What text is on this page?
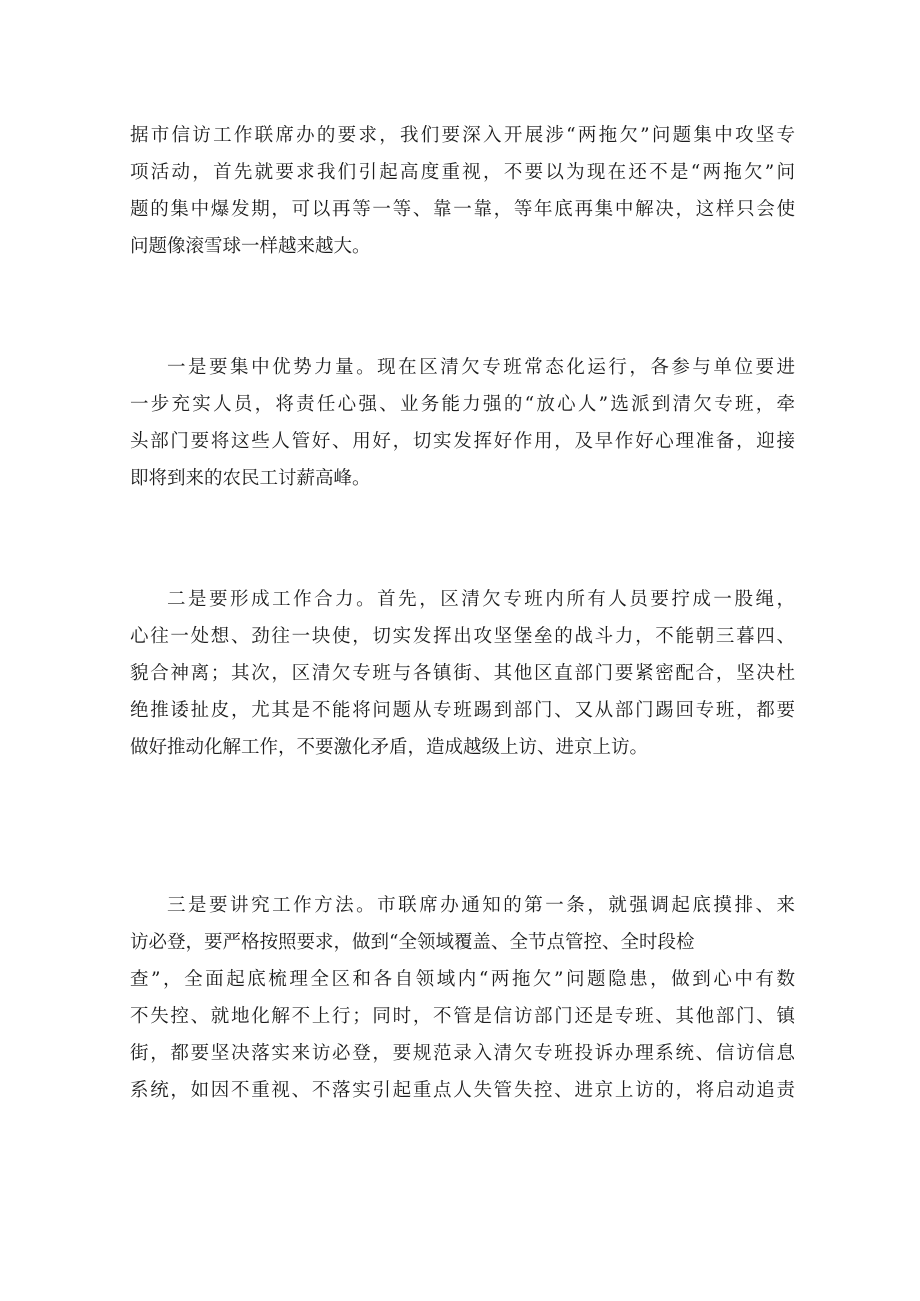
据市信访工作联席办的要求，我们要深入开展涉“两拖欠”问题集中攻坚专
项活动，首先就要求我们引起高度重视，不要以为现在还不是“两拖欠”问
题的集中爆发期，可以再等一等、靠一靠，等年底再集中解决，这样只会使
问题像滚雪球一样越来越大。
一是要集中优势力量。现在区清欠专班常态化运行，各参与单位要进
一步充实人员，将责任心强、业务能力强的“放心人”选派到清欠专班，牵
头部门要将这些人管好、用好，切实发挥好作用，及早作好心理准备，迎接
即将到来的农民工讨薪高峰。
二是要形成工作合力。首先，区清欠专班内所有人员要拧成一股绳，
心往一处想、劲往一块使，切实发挥出攻坚堡垒的战斗力，不能朝三暮四、
貌合神离；其次，区清欠专班与各镇街、其他区直部门要紧密配合，坚决杜
绝推诿扯皮，尤其是不能将问题从专班踢到部门、又从部门踢回专班，都要
做好推动化解工作，不要激化矛盾，造成越级上访、进京上访。
三是要讲究工作方法。市联席办通知的第一条，就强调起底摸排、来
访必登，要严格按照要求，做到“全领域覆盖、全节点管控、全时段检
查”，全面起底梳理全区和各自领域内“两拖欠”问题隐患，做到心中有数
不失控、就地化解不上行；同时，不管是信访部门还是专班、其他部门、镇
街，都要坚决落实来访必登，要规范录入清欠专班投诉办理系统、信访信息
系统，如因不重视、不落实引起重点人失管失控、进京上访的，将启动追责
